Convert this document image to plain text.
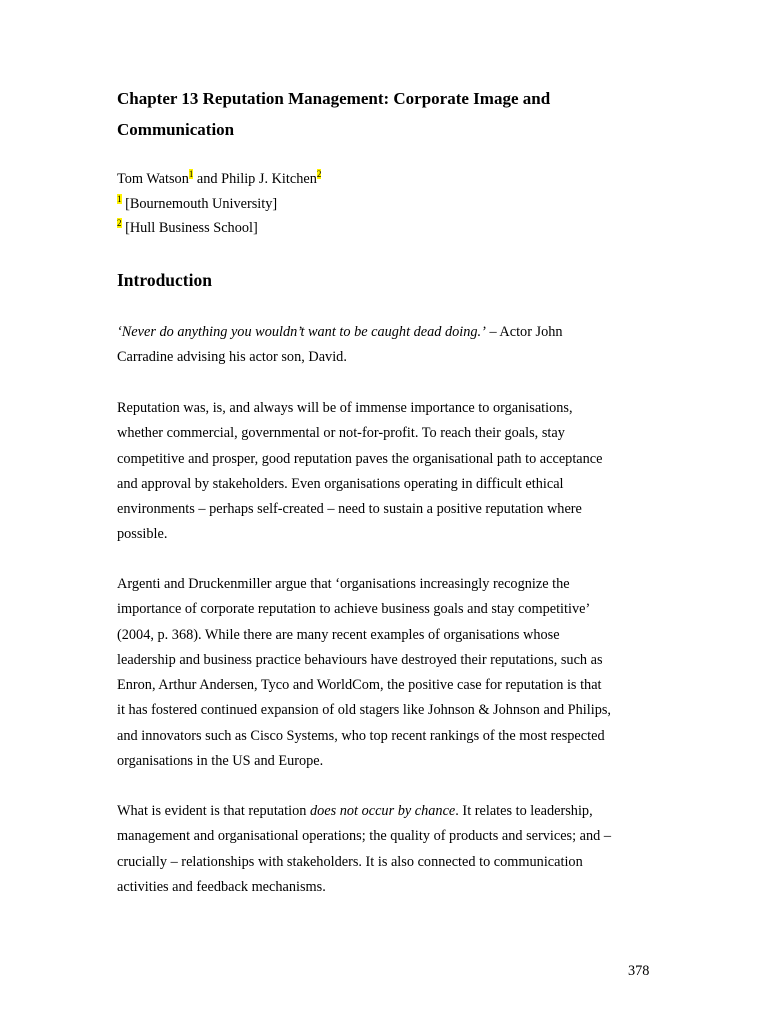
Chapter 13 Reputation Management: Corporate Image and
Communication

Tom Watson$^1$ and Philip J. Kitchen$^2$

$^1$ [Bournemouth University]

$^2$ [Hull Business School]

Introduction

‘Never do anything you wouldn’t want to be caught dead doing.’ – Actor John
Carradine advising his actor son, David.

Reputation was, is, and always will be of immense importance to organisations,
whether commercial, governmental or not-for-profit. To reach their goals, stay
competitive and prosper, good reputation paves the organisational path to acceptance
and approval by stakeholders. Even organisations operating in difficult ethical
environments – perhaps self-created – need to sustain a positive reputation where
possible.

Argenti and Druckenmiller argue that ‘organisations increasingly recognize the
importance of corporate reputation to achieve business goals and stay competitive’
(2004, p. 368). While there are many recent examples of organisations whose
leadership and business practice behaviours have destroyed their reputations, such as
Enron, Arthur Andersen, Tyco and WorldCom, the positive case for reputation is that
it has fostered continued expansion of old stagers like Johnson & Johnson and Philips,
and innovators such as Cisco Systems, who top recent rankings of the most respected
organisations in the US and Europe.

What is evident is that reputation does not occur by chance. It relates to leadership,
management and organisational operations; the quality of products and services; and –
crucially – relationships with stakeholders. It is also connected to communication
activities and feedback mechanisms.

378
